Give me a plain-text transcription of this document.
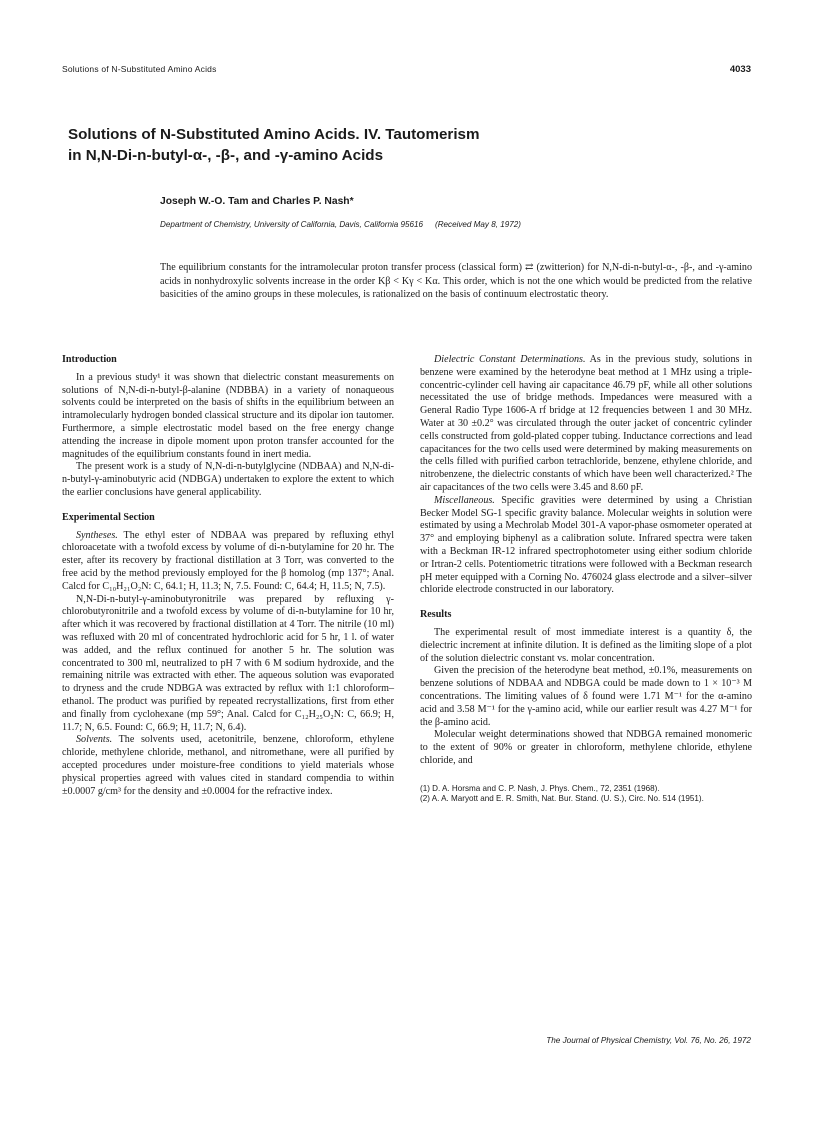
Solutions of N-Substituted Amino Acids	4033
Solutions of N-Substituted Amino Acids. IV. Tautomerism
in N,N-Di-n-butyl-α-, -β-, and -γ-amino Acids
Joseph W.-O. Tam and Charles P. Nash*
Department of Chemistry, University of California, Davis, California 95616 (Received May 8, 1972)

The equilibrium constants for the intramolecular proton transfer process (classical form) ⇄ (zwitterion) for N,N-di-n-butyl-α-, -β-, and -γ-amino acids in nonhydroxylic solvents increase in the order Kβ < Kγ < Kα. This order, which is not the one which would be predicted from the relative basicities of the amino groups in these molecules, is rationalized on the basis of continuum electrostatic theory.

Introduction

In a previous study¹ it was shown that dielectric constant measurements on solutions of N,N-di-n-butyl-β-alanine (NDBBA) in a variety of nonaqueous solvents could be interpreted on the basis of shifts in the equilibrium between an intramolecularly hydrogen bonded classical structure and its dipolar ion tautomer. Furthermore, a simple electrostatic model based on the free energy change attending the increase in dipole moment upon proton transfer accounted for the magnitudes of the equilibrium constants found in inert media.

The present work is a study of N,N-di-n-butylglycine (NDBAA) and N,N-di-n-butyl-γ-aminobutyric acid (NDBGA) undertaken to explore the extent to which the earlier conclusions have general applicability.

Experimental Section

Syntheses. The ethyl ester of NDBAA was prepared by refluxing ethyl chloroacetate with a twofold excess by volume of di-n-butylamine for 20 hr. The ester, after its recovery by fractional distillation at 3 Torr, was converted to the free acid by the method previously employed for the β homolog (mp 137°; Anal. Calcd for C₁₀H₂₁O₂N: C, 64.1; H, 11.3; N, 7.5. Found: C, 64.4; H, 11.5; N, 7.5).

N,N-Di-n-butyl-γ-aminobutyronitrile was prepared by refluxing γ-chlorobutyronitrile and a twofold excess by volume of di-n-butylamine for 10 hr, after which it was recovered by fractional distillation at 4 Torr. The nitrile (10 ml) was refluxed with 20 ml of concentrated hydrochloric acid for 5 hr, 1 l. of water was added, and the reflux continued for another 5 hr. The solution was concentrated to 300 ml, neutralized to pH 7 with 6 M sodium hydroxide, and the remaining nitrile was extracted with ether. The aqueous solution was evaporated to dryness and the crude NDBGA was extracted by reflux with 1:1 chloroform–ethanol. The product was purified by repeated recrystallizations, first from ether and finally from cyclohexane (mp 59°; Anal. Calcd for C₁₂H₂₅O₂N: C, 66.9; H, 11.7; N, 6.5. Found: C, 66.9; H, 11.7; N, 6.4).

Solvents. The solvents used, acetonitrile, benzene, chloroform, ethylene chloride, methylene chloride, methanol, and nitromethane, were all purified by accepted procedures under moisture-free conditions to yield materials whose physical properties agreed with values cited in standard compendia to within ±0.0007 g/cm³ for the density and ±0.0004 for the refractive index.

Dielectric Constant Determinations. As in the previous study, solutions in benzene were examined by the heterodyne beat method at 1 MHz using a triple-concentric-cylinder cell having air capacitance 46.79 pF, while all other solutions necessitated the use of bridge methods. Impedances were measured with a General Radio Type 1606-A rf bridge at 12 frequencies between 1 and 30 MHz. Water at 30 ±0.2° was circulated through the outer jacket of concentric cylinder cells constructed from gold-plated copper tubing. Inductance corrections and lead capacitances for the two cells used were determined by making measurements on the cells filled with purified carbon tetrachloride, benzene, ethylene chloride, and nitrobenzene, the dielectric constants of which have been well characterized.² The air capacitances of the two cells were 3.45 and 8.60 pF.

Miscellaneous. Specific gravities were determined by using a Christian Becker Model SG-1 specific gravity balance. Molecular weights in solution were estimated by using a Mechrolab Model 301-A vapor-phase osmometer operated at 37° and employing biphenyl as a calibration solute. Infrared spectra were taken with a Beckman IR-12 infrared spectrophotometer using either sodium chloride or Irtran-2 cells. Potentiometric titrations were followed with a Beckman research pH meter equipped with a Corning No. 476024 glass electrode and a silver–silver chloride electrode constructed in our laboratory.

Results

The experimental result of most immediate interest is a quantity δ, the dielectric increment at infinite dilution. It is defined as the limiting slope of a plot of the solution dielectric constant vs. molar concentration.

Given the precision of the heterodyne beat method, ±0.1%, measurements on benzene solutions of NDBAA and NDBGA could be made down to 1 × 10⁻³ M concentrations. The limiting values of δ found were 1.71 M⁻¹ for the α-amino acid and 3.58 M⁻¹ for the γ-amino acid, while our earlier result was 4.27 M⁻¹ for the β-amino acid.

Molecular weight determinations showed that NDBGA remained monomeric to the extent of 90% or greater in chloroform, methylene chloride, ethylene chloride, and

(1) D. A. Horsma and C. P. Nash, J. Phys. Chem., 72, 2351 (1968).
(2) A. A. Maryott and E. R. Smith, Nat. Bur. Stand. (U. S.), Circ. No. 514 (1951).
The Journal of Physical Chemistry, Vol. 76, No. 26, 1972
